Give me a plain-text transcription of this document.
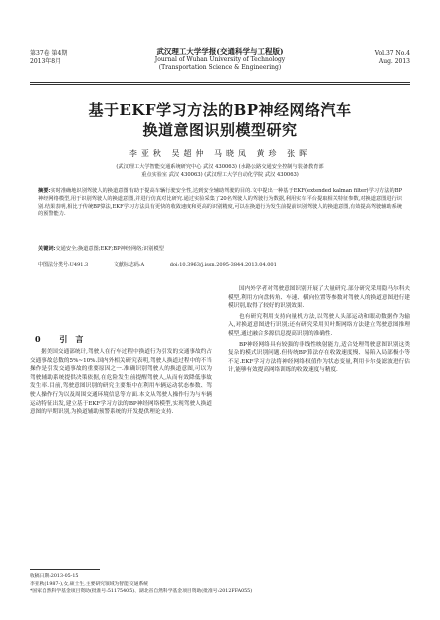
第37卷 第4期
2013年8月
武汉理工大学学报(交通科学与工程版)
Journal of Wuhan University of Technology
(Transportation Science & Engineering)
Vol.37 No.4
Aug. 2013
基于EKF学习方法的BP神经网络汽车
换道意图识别模型研究
李亚秋 吴超仲 马晓凤 黄珍 张晖
(武汉理工大学智能交通系统研究中心 武汉 430063) (水路公路交通安全控制与装备教育部
重点实验室 武汉 430063) (武汉理工大学自动化学院 武汉 430063)
摘要:实时准确地识别驾驶人的换道意图有助于提高车辆行驶安全性,达到安全辅助驾驶的目的.文中提出一种基于EKF(extended kalman filter)学习方法的BP神经网络模型,用于识别驾驶人的换道意图,并进行仿真对比研究.通过实验采集了20名驾驶人的驾驶行为数据,利用实车平台提取相关特征参数,对换道意图进行识别.结果表明,相比于传统BP算法,EKF学习方法具有更快的收敛速度和更高的识别精度,可以在换道行为发生前提前识别驾驶人的换道意图,有效提高驾驶辅助系统的预警能力.
关键词:交通安全;换道意图;EKF;BP神经网络;识别模型
中图法分类号:U491.3	文献标志码:A	doi:10.3963/j.issn.2095-3844.2013.04.001
0 引言
据美国交通部统计,驾驶人在行车过程中换道行为引发的交通事故约占交通事故总数的5%~10%.国内外相关研究表明,驾驶人换道过程中的不当操作是引发交通事故的重要原因之一.准确识别驾驶人的换道意图,可以为驾驶辅助系统提供决策依据,在危险发生前提醒驾驶人,从而有效降低事故发生率.目前,驾驶意图识别的研究主要集中在利用车辆运动状态参数、驾驶人操作行为以及周围交通环境信息等方面.本文从驾驶人操作行为与车辆运动特征出发,建立基于EKF学习方法的BP神经网络模型,实现驾驶人换道意图的早期识别,为换道辅助预警系统的开发提供理论支持.

国内外学者对驾驶意图识别开展了大量研究.部分研究采用隐马尔科夫模型,利用方向盘转角、车速、横向位置等参数对驾驶人的换道意图进行建模识别,取得了较好的识别效果.

也有研究利用支持向量机方法,以驾驶人头部运动和眼动数据作为输入,对换道意图进行识别;还有研究采用贝叶斯网络方法建立驾驶意图推理模型,通过融合多源信息提高识别的准确性.

BP神经网络具有较强的非线性映射能力,适合处理驾驶意图识别这类复杂的模式识别问题.但传统BP算法存在收敛速度慢、易陷入局部极小等不足.EKF学习方法将神经网络权值作为状态变量,利用卡尔曼滤波进行估计,能够有效提高网络训练的收敛速度与精度.

收稿日期:2013-05-15
李亚秋(1987-),女,硕士生,主要研究领域为智能交通系统
*国家自然科学基金项目资助(批准号:51175405)、湖北省自然科学基金项目资助(批准号:2012FFA055)
